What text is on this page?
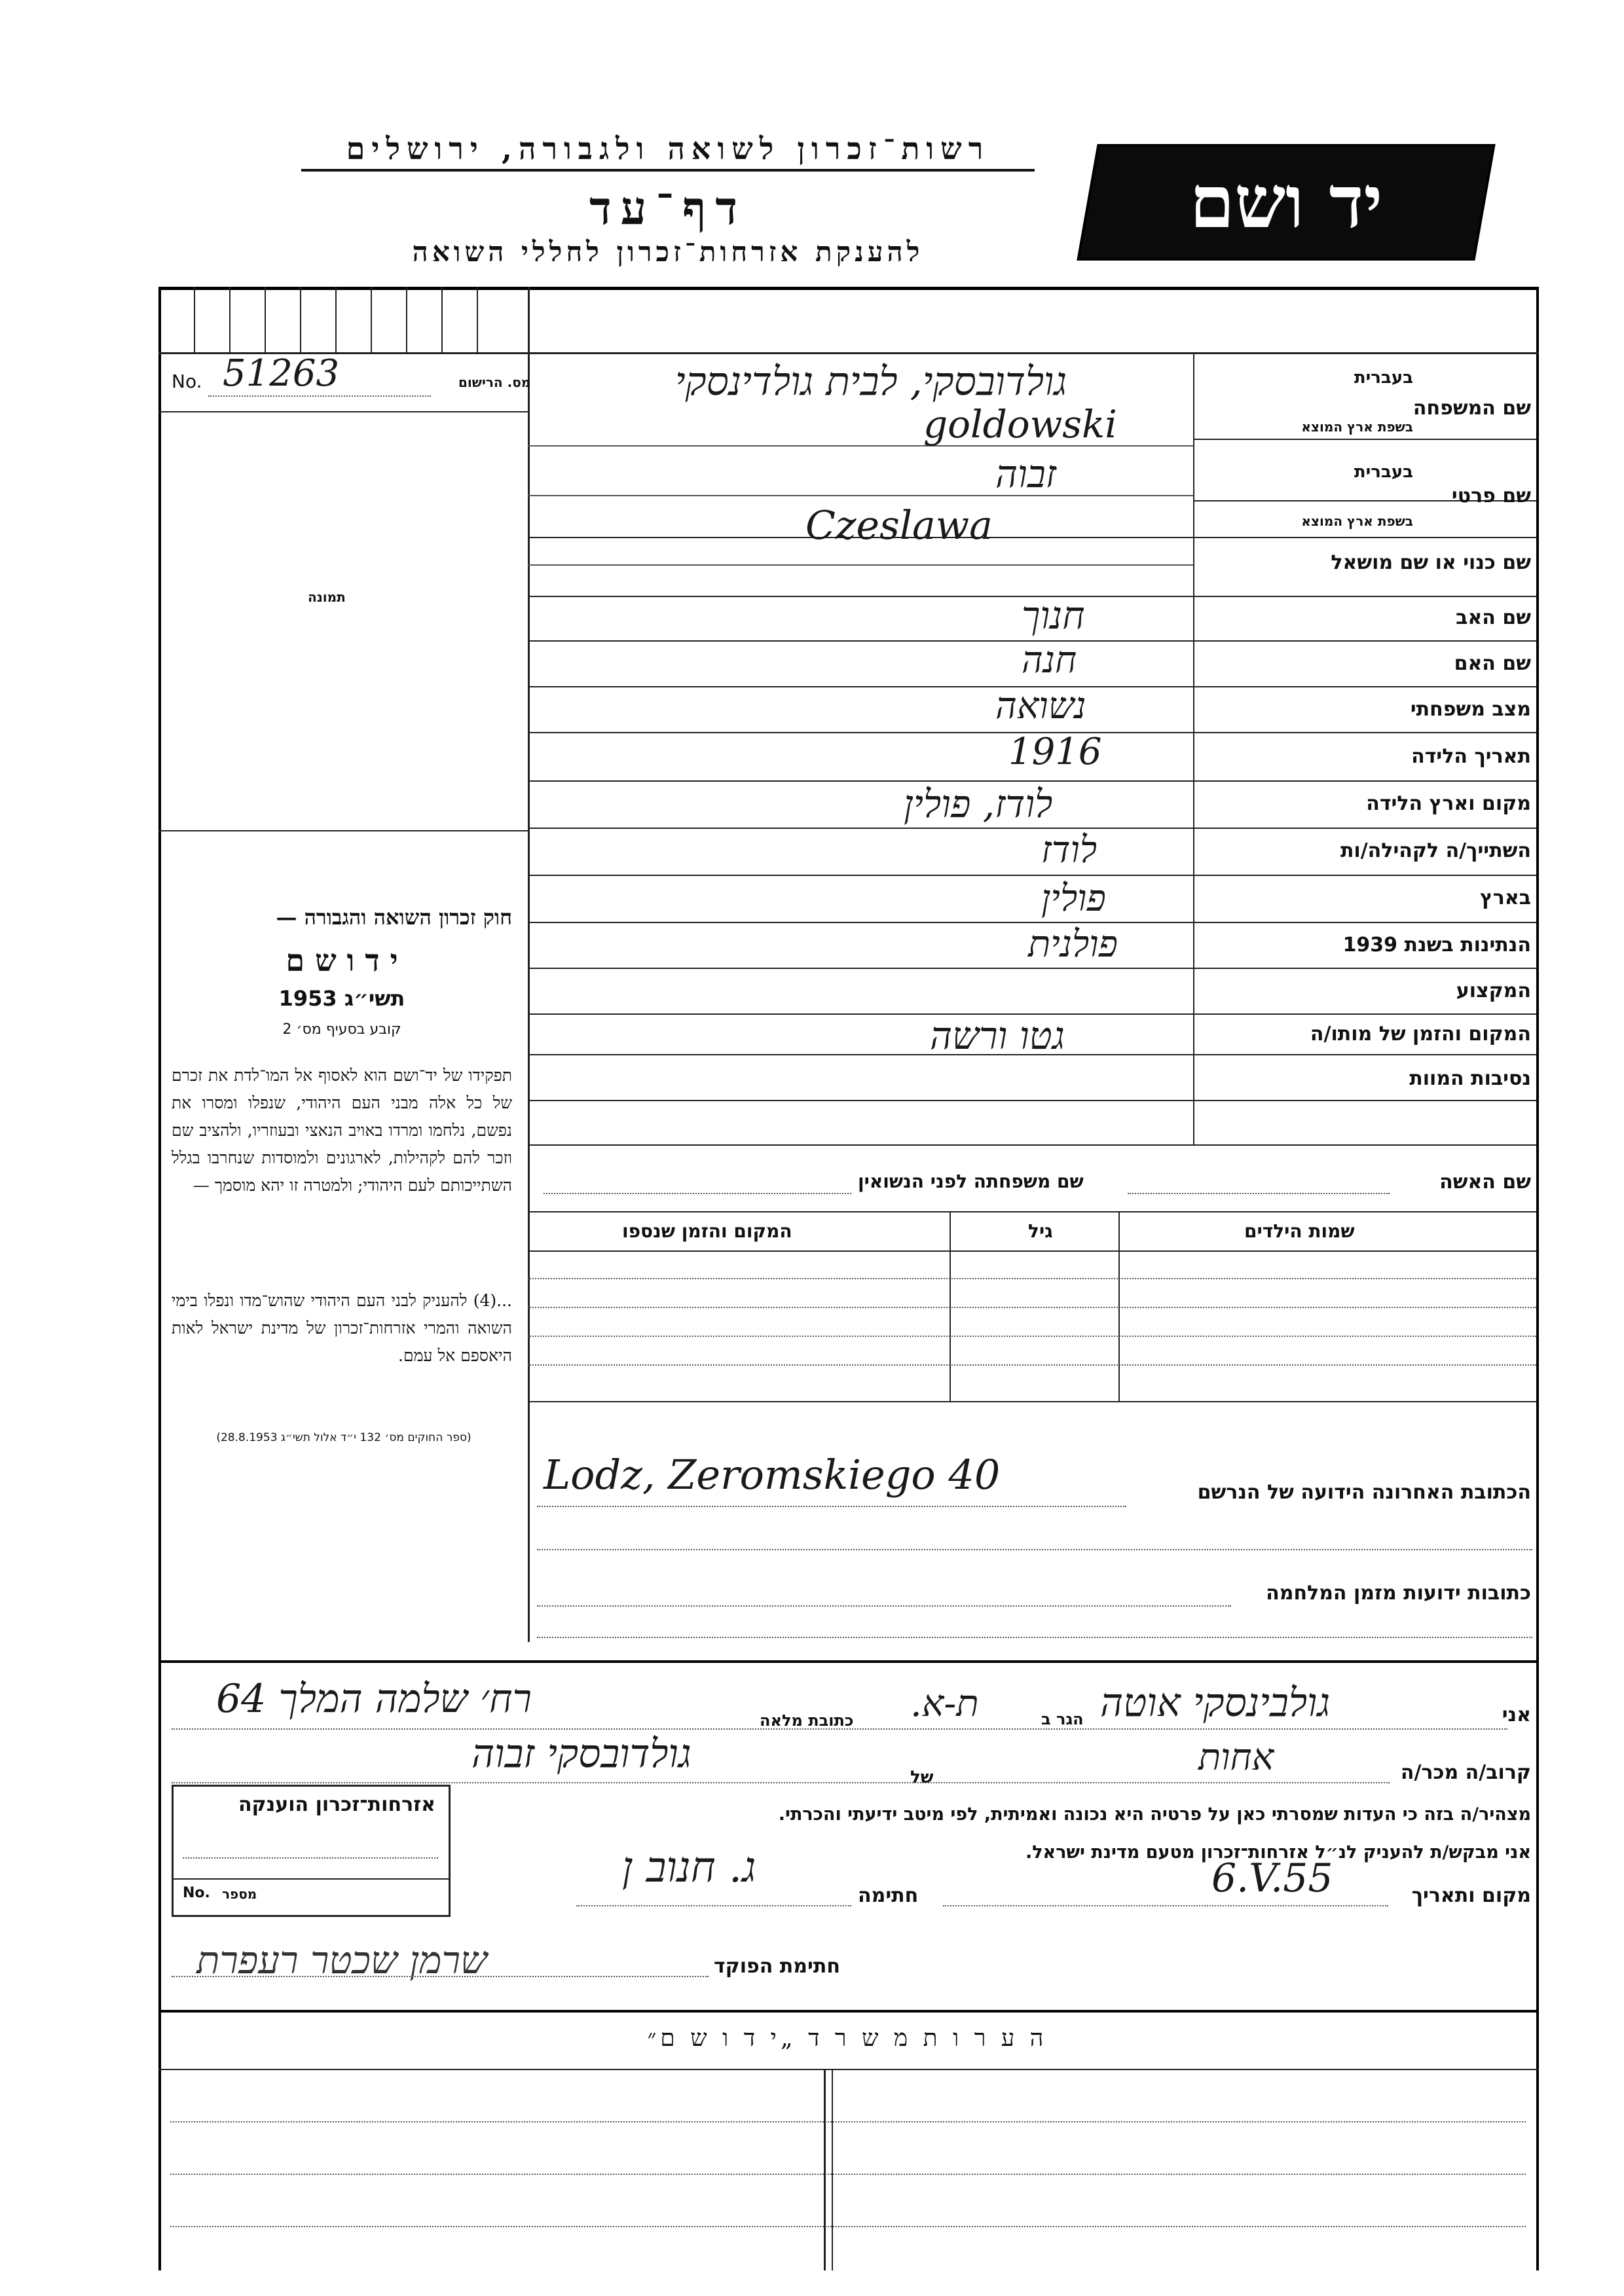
רשות־זכרון לשואה ולגבורה, ירושלים
דף־עד
להענקת אזרחות־זכרון לחללי השואה
יד ושם
No. 51263	מס. הרישום
תמונה
חוק זכרון השואה והגבורה —
י ד ו ש ם
תשי״ג 1953
קובע בסעיף מס׳ 2
תפקידו של יד־ושם הוא לאסוף אל המו־לדת את זכרם של כל אלה מבני העם היהודי, שנפלו ומסרו את נפשם, נלחמו ומרדו באויב הנאצי ובעוזריו, ולהציב שם וזכר להם לקהילות, לארגונים ולמוסדות שנחרבו בגלל השתייכותם לעם היהודי; ולמטרה זו יהא מוסמך —
...(4) להעניק לבני העם היהודי שהוש־מדו ונפלו בימי השואה והמרי אזרחות־זכרון של מדינת ישראל לאות היאספם אל עמם.
(ספר החוקים מס׳ 132 י״ד אלול תשי״ג 28.8.1953)
שם המשפחה
בעברית
בשפת ארץ המוצא
גולדובסקי, לבית גולדינסקי
goldowski
שם פרטי
בעברית
בשפת ארץ המוצא
זבוה
Czeslawa
שם כנוי או שם מושאל
שם האב
חנוך
שם האם
חנה
מצב משפחתי
נשואה
תאריך הלידה
1916
מקום וארץ הלידה
לודז, פולין
השתייך/ה לקהילה/ות
לודז
בארץ
פולין
הנתינות בשנת 1939
פולנית
המקצוע
המקום והזמן של מותו/ה
גטו ורשה
נסיבות המוות
שם האשה
שם משפחתה לפני הנשואין
שמות הילדים
גיל
המקום והזמן שנספו
הכתובת האחרונה הידועה של הנרשם
Lodz, Zeromskiego 40
כתובות ידועות מזמן המלחמה
אני
גולבינסקי אוטה
הגר ב
ת-א.
כתובת מלאה
רח׳ שלמה המלך 64
קרוב/ה מכר/ה
אחות
של
גולדובסקי זבוה
מצהיר/ה בזה כי העדות שמסרתי כאן על פרטיה היא נכונה ואמיתית, לפי מיטב ידיעתי והכרתי.
אני מבקש/ת להעניק לנ״ל אזרחות־זכרון מטעם מדינת ישראל.
מקום ותאריך
6.V.55
חתימה
ג. חנוב ן
חתימת הפוקד
שרמן שכטר רעפרת
אזרחות־זכרון הוענקה
No. מספר
ה ע ר ו ת מ ש ר ד „י ד ו ש ם״
